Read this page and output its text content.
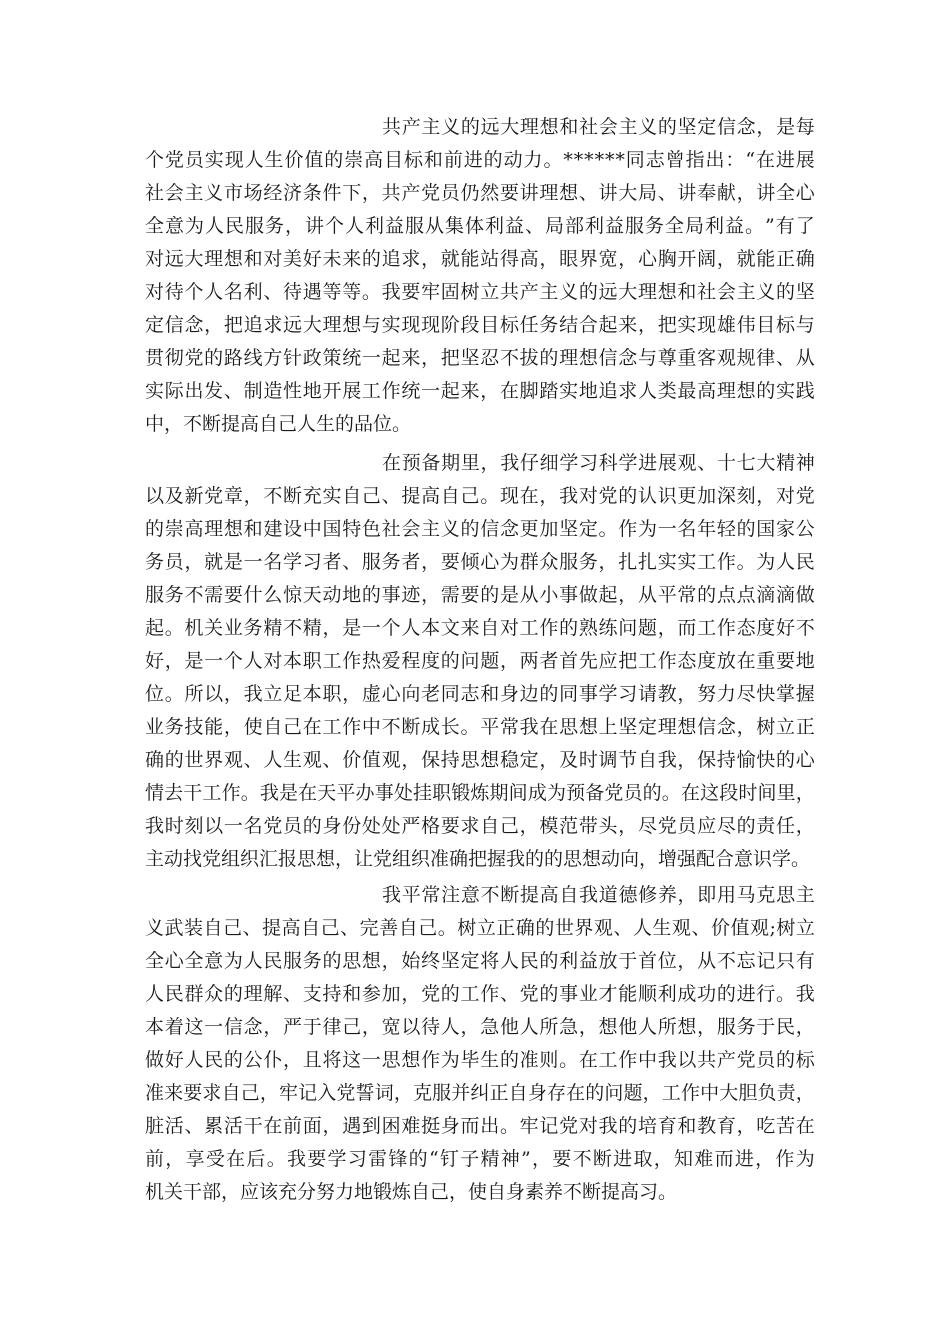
共 产 主 义 的 远 大 理 想 和 社 会 主 义 的 坚 定 信 念 ， 是 每
个 党 员 实 现 人 生 价 值 的 崇 高 目 标 和 前 进 的 动 力 。 * * * * * * 同 志 曾 指 出 ： “ 在 进 展
社 会 主 义 市 场 经 济 条 件 下 ， 共 产 党 员 仍 然 要 讲 理 想 、 讲 大 局 、 讲 奉 献 ， 讲 全 心
全 意 为 人 民 服 务 ， 讲 个 人 利 益 服 从 集 体 利 益 、 局 部 利 益 服 务 全 局 利 益 。 ” 有 了
对 远 大 理 想 和 对 美 好 未 来 的 追 求 ， 就 能 站 得 高 ， 眼 界 宽 ， 心 胸 开 阔 ， 就 能 正 确
对 待 个 人 名 利 、 待 遇 等 等 。 我 要 牢 固 树 立 共 产 主 义 的 远 大 理 想 和 社 会 主 义 的 坚
定 信 念 ， 把 追 求 远 大 理 想 与 实 现 现 阶 段 目 标 任 务 结 合 起 来 ， 把 实 现 雄 伟 目 标 与
贯 彻 党 的 路 线 方 针 政 策 统 一 起 来 ， 把 坚 忍 不 拔 的 理 想 信 念 与 尊 重 客 观 规 律 、 从
实 际 出 发 、 制 造 性 地 开 展 工 作 统 一 起 来 ， 在 脚 踏 实 地 追 求 人 类 最 高 理 想 的 实 践
中，不断提高自己人生的品位。
在 预 备 期 里 ， 我 仔 细 学 习 科 学 进 展 观 、 十 七 大 精 神
以 及 新 党 章 ， 不 断 充 实 自 己 、 提 高 自 己 。 现 在 ， 我 对 党 的 认 识 更 加 深 刻 ， 对 党
的 崇 高 理 想 和 建 设 中 国 特 色 社 会 主 义 的 信 念 更 加 坚 定 。 作 为 一 名 年 轻 的 国 家 公
务 员 ， 就 是 一 名 学 习 者 、 服 务 者 ， 要 倾 心 为 群 众 服 务 ， 扎 扎 实 实 工 作 。 为 人 民
服 务 不 需 要 什 么 惊 天 动 地 的 事 迹 ， 需 要 的 是 从 小 事 做 起 ， 从 平 常 的 点 点 滴 滴 做
起 。 机 关 业 务 精 不 精 ， 是 一 个 人 本 文 来 自 对 工 作 的 熟 练 问 题 ， 而 工 作 态 度 好 不
好 ， 是 一 个 人 对 本 职 工 作 热 爱 程 度 的 问 题 ， 两 者 首 先 应 把 工 作 态 度 放 在 重 要 地
位 。 所 以 ， 我 立 足 本 职 ， 虚 心 向 老 同 志 和 身 边 的 同 事 学 习 请 教 ， 努 力 尽 快 掌 握
业 务 技 能 ， 使 自 己 在 工 作 中 不 断 成 长 。 平 常 我 在 思 想 上 坚 定 理 想 信 念 ， 树 立 正
确 的 世 界 观 、 人 生 观 、 价 值 观 ， 保 持 思 想 稳 定 ， 及 时 调 节 自 我 ， 保 持 愉 快 的 心
情 去 干 工 作 。 我 是 在 天 平 办 事 处 挂 职 锻 炼 期 间 成 为 预 备 党 员 的 。 在 这 段 时 间 里 ，
我 时 刻 以 一 名 党 员 的 身 份 处 处 严 格 要 求 自 己 ， 模 范 带 头 ， 尽 党 员 应 尽 的 责 任 ，
主动找党组织汇报思想，让党组织准确把握我的的思想动向，增强配合意识学。
我 平 常 注 意 不 断 提 高 自 我 道 德 修 养 ， 即 用 马 克 思 主
义 武 装 自 己 、 提 高 自 己 、 完 善 自 己 。 树 立 正 确 的 世 界 观 、 人 生 观 、 价 值 观 ; 树 立
全 心 全 意 为 人 民 服 务 的 思 想 ， 始 终 坚 定 将 人 民 的 利 益 放 于 首 位 ， 从 不 忘 记 只 有
人 民 群 众 的 理 解 、 支 持 和 参 加 ， 党 的 工 作 、 党 的 事 业 才 能 顺 利 成 功 的 进 行 。 我
本 着 这 一 信 念 ， 严 于 律 己 ， 宽 以 待 人 ， 急 他 人 所 急 ， 想 他 人 所 想 ， 服 务 于 民 ，
做 好 人 民 的 公 仆 ， 且 将 这 一 思 想 作 为 毕 生 的 准 则 。 在 工 作 中 我 以 共 产 党 员 的 标
准 来 要 求 自 己 ， 牢 记 入 党 誓 词 ， 克 服 并 纠 正 自 身 存 在 的 问 题 ， 工 作 中 大 胆 负 责 ，
脏 活 、 累 活 干 在 前 面 ， 遇 到 困 难 挺 身 而 出 。 牢 记 党 对 我 的 培 育 和 教 育 ， 吃 苦 在
前 ， 享 受 在 后 。 我 要 学 习 雷 锋 的 “ 钉 子 精 神 ” ， 要 不 断 进 取 ， 知 难 而 进 ， 作 为
机关干部，应该充分努力地锻炼自己，使自身素养不断提高习。
